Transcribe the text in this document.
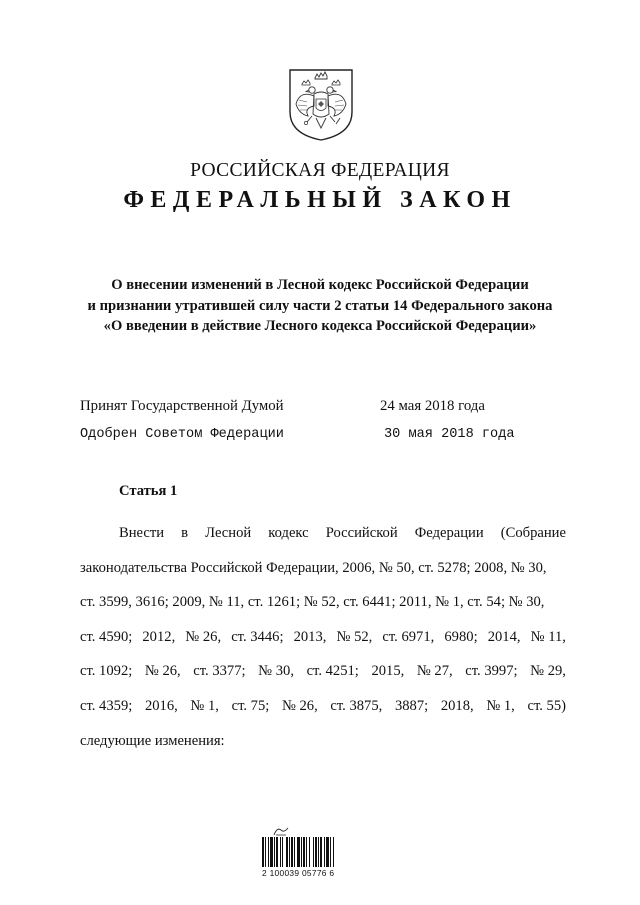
РОССИЙСКАЯ ФЕДЕРАЦИЯ
ФЕДЕРАЛЬНЫЙ ЗАКОН
О внесении изменений в Лесной кодекс Российской Федерации
и признании утратившей силу части 2 статьи 14 Федерального закона
«О введении в действие Лесного кодекса Российской Федерации»
Принят Государственной Думой	24 мая 2018 года
Одобрен Советом Федерации	30 мая 2018 года
Статья 1
Внести в Лесной кодекс Российской Федерации (Собрание
законодательства Российской Федерации, 2006, № 50, ст. 5278; 2008, № 30,
ст. 3599, 3616; 2009, № 11, ст. 1261; № 52, ст. 6441; 2011, № 1, ст. 54; № 30,
ст. 4590; 2012, № 26, ст. 3446; 2013, № 52, ст. 6971, 6980; 2014, № 11,
ст. 1092; № 26, ст. 3377; № 30, ст. 4251; 2015, № 27, ст. 3997; № 29,
ст. 4359; 2016, № 1, ст. 75; № 26, ст. 3875, 3887; 2018, № 1, ст. 55)
следующие изменения:
2 100039 05776 6
